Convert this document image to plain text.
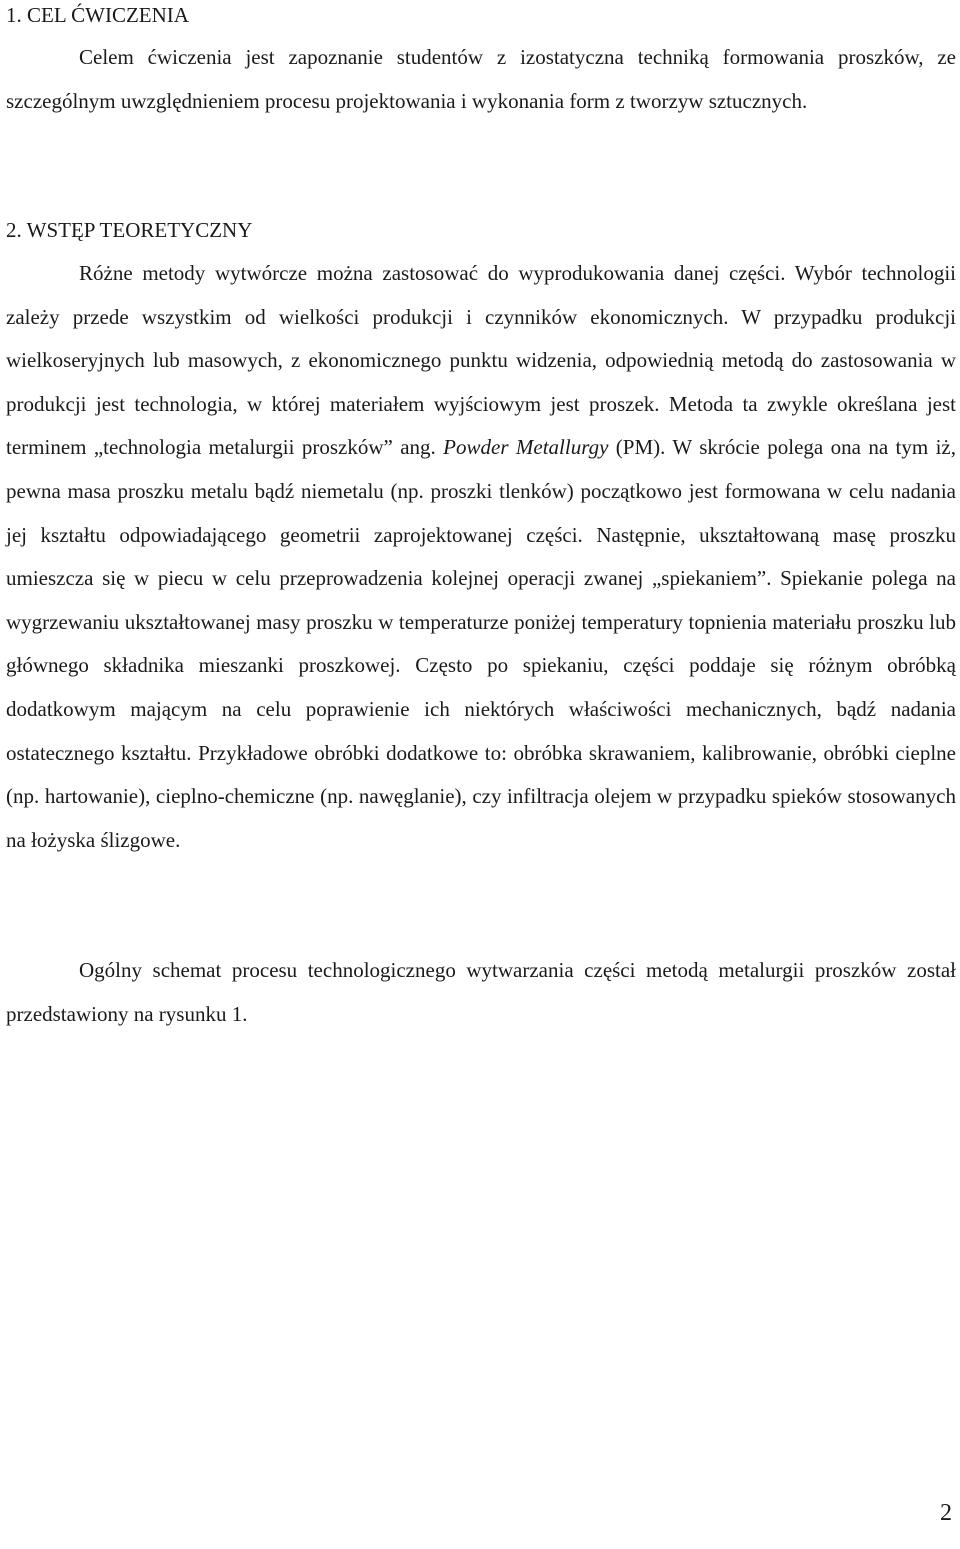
1. CEL ĆWICZENIA

Celem ćwiczenia jest zapoznanie studentów z izostatyczna techniką formowania proszków, ze szczególnym uwzględnieniem procesu projektowania i wykonania form z tworzyw sztucznych.

2. WSTĘP TEORETYCZNY

Różne metody wytwórcze można zastosować do wyprodukowania danej części. Wybór technologii zależy przede wszystkim od wielkości produkcji i czynników ekonomicznych. W przypadku produkcji wielkoseryjnych lub masowych, z ekonomicznego punktu widzenia, odpowiednią metodą do zastosowania w produkcji jest technologia, w której materiałem wyjściowym jest proszek. Metoda ta zwykle określana jest terminem „technologia metalurgii proszków” ang. Powder Metallurgy (PM). W skrócie polega ona na tym iż, pewna masa proszku metalu bądź niemetalu (np. proszki tlenków) początkowo jest formowana w celu nadania jej kształtu odpowiadającego geometrii zaprojektowanej części. Następnie, ukształtowaną masę proszku umieszcza się w piecu w celu przeprowadzenia kolejnej operacji zwanej „spiekaniem”. Spiekanie polega na wygrzewaniu ukształtowanej masy proszku w temperaturze poniżej temperatury topnienia materiału proszku lub głównego składnika mieszanki proszkowej. Często po spiekaniu, części poddaje się różnym obróbką dodatkowym mającym na celu poprawienie ich niektórych właściwości mechanicznych, bądź nadania ostatecznego kształtu. Przykładowe obróbki dodatkowe to: obróbka skrawaniem, kalibrowanie, obróbki cieplne (np. hartowanie), cieplno-chemiczne (np. nawęglanie), czy infiltracja olejem w przypadku spieków stosowanych na łożyska ślizgowe.

Ogólny schemat procesu technologicznego wytwarzania części metodą metalurgii proszków został przedstawiony na rysunku 1.

2
